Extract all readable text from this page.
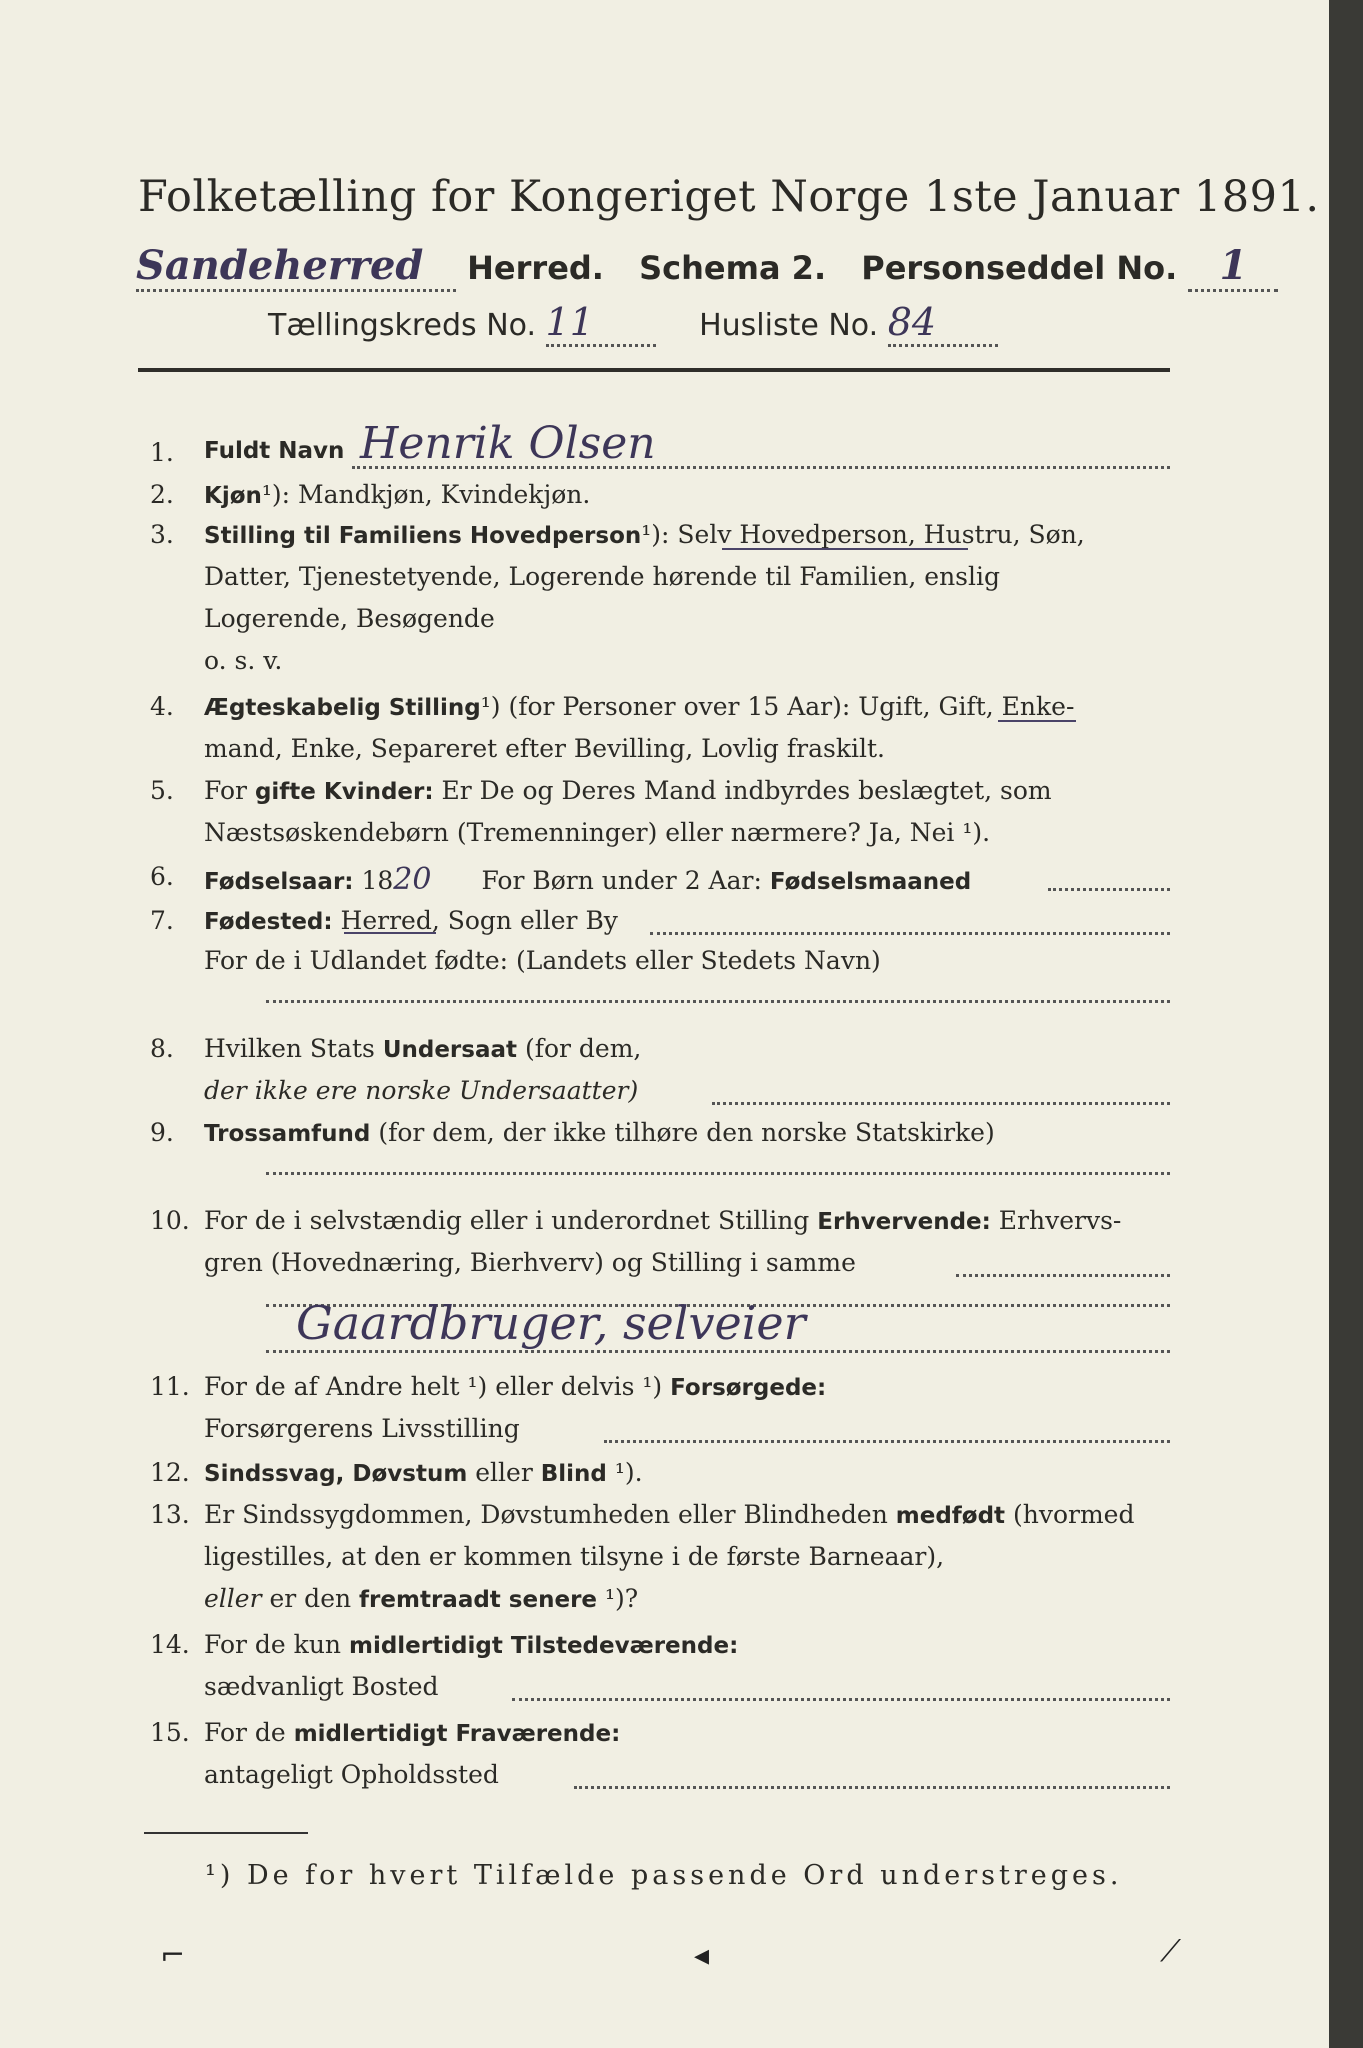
Folketælling for Kongeriget Norge 1ste Januar 1891.
Sandeherred Herred. Schema 2. Personseddel No. 1
Tællingskreds No. 11	Husliste No. 84
1.	Fuldt Navn Henrik Olsen
2.	Kjøn¹): Mandkjøn, Kvindekjøn.
3.	Stilling til Familiens Hovedperson¹): Selv Hovedperson, Hustru, Søn,
Datter, Tjenestetyende, Logerende hørende til Familien, enslig
Logerende, Besøgende
o. s. v.
4.	Ægteskabelig Stilling¹) (for Personer over 15 Aar): Ugift, Gift, Enke-
mand, Enke, Separeret efter Bevilling, Lovlig fraskilt.
5.	For gifte Kvinder: Er De og Deres Mand indbyrdes beslægtet, som
Næstsøskendebørn (Tremenninger) eller nærmere? Ja, Nei ¹).
6.	Fødselsaar: 1820 For Børn under 2 Aar: Fødselsmaaned
7.	Fødested: Herred, Sogn eller By
For de i Udlandet fødte: (Landets eller Stedets Navn)
8.	Hvilken Stats Undersaat (for dem,
der ikke ere norske Undersaatter)
9.	Trossamfund (for dem, der ikke tilhøre den norske Statskirke)
10. For de i selvstændig eller i underordnet Stilling Erhvervende: Erhvervs-
gren (Hovednæring, Bierhverv) og Stilling i samme
Gaardbruger, selveier
11. For de af Andre helt ¹) eller delvis ¹) Forsørgede:
Forsørgerens Livsstilling
12. Sindssvag, Døvstum eller Blind ¹).
13. Er Sindssygdommen, Døvstumheden eller Blindheden medfødt (hvormed
ligestilles, at den er kommen tilsyne i de første Barneaar),
eller er den fremtraadt senere ¹)?
14. For de kun midlertidigt Tilstedeværende:
sædvanligt Bosted
15. For de midlertidigt Fraværende:
antageligt Opholdssted
¹) De for hvert Tilfælde passende Ord understreges.
⌐	◂	⟋
